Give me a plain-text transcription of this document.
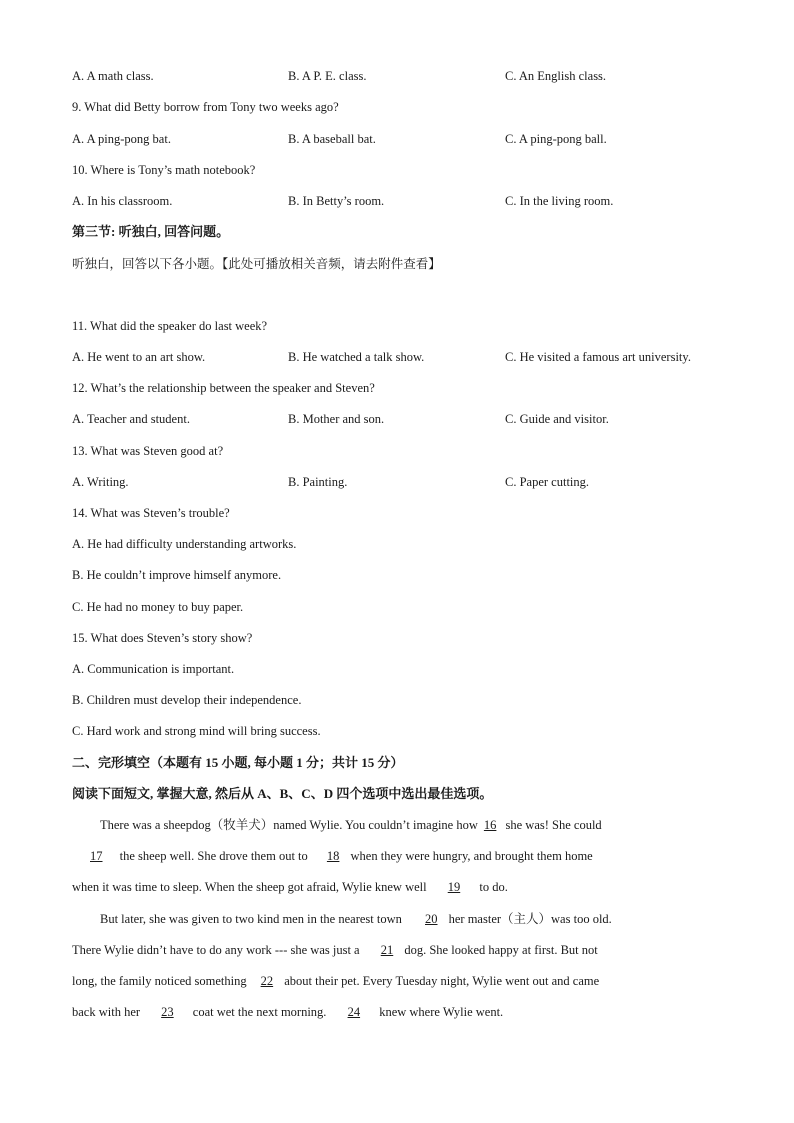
A. A math class.	B. A P. E. class.	C. An English class.
9. What did Betty borrow from Tony two weeks ago?
A. A ping-pong bat.	B. A baseball bat.	C. A ping-pong ball.
10. Where is Tony’s math notebook?
A. In his classroom.	B. In Betty’s room.	C. In the living room.
第三节: 听独白, 回答问题。
听独白，回答以下各小题。【此处可播放相关音频，请去附件查看】
11. What did the speaker do last week?
A. He went to an art show.	B. He watched a talk show.	C. He visited a famous art university.
12. What’s the relationship between the speaker and Steven?
A. Teacher and student.	B. Mother and son.	C. Guide and visitor.
13. What was Steven good at?
A. Writing.	B. Painting.	C. Paper cutting.
14. What was Steven’s trouble?
A. He had difficulty understanding artworks.
B. He couldn’t improve himself anymore.
C. He had no money to buy paper.
15. What does Steven’s story show?
A. Communication is important.
B. Children must develop their independence.
C. Hard work and strong mind will bring success.
二、完形填空（本题有 15 小题, 每小题 1 分；共计 15 分）
阅读下面短文, 掌握大意, 然后从 A、B、C、D 四个选项中选出最佳选项。
There was a sheepdog（牧羊犬）named Wylie. You couldn’t imagine how 16 she was! She could
17 the sheep well. She drove them out to 18 when they were hungry, and brought them home
when it was time to sleep. When the sheep got afraid, Wylie knew well 19 to do.
But later, she was given to two kind men in the nearest town 20 her master（主人）was too old.
There Wylie didn’t have to do any work --- she was just a 21 dog. She looked happy at first. But not
long, the family noticed something 22 about their pet. Every Tuesday night, Wylie went out and came
back with her 23 coat wet the next morning. 24 knew where Wylie went.
